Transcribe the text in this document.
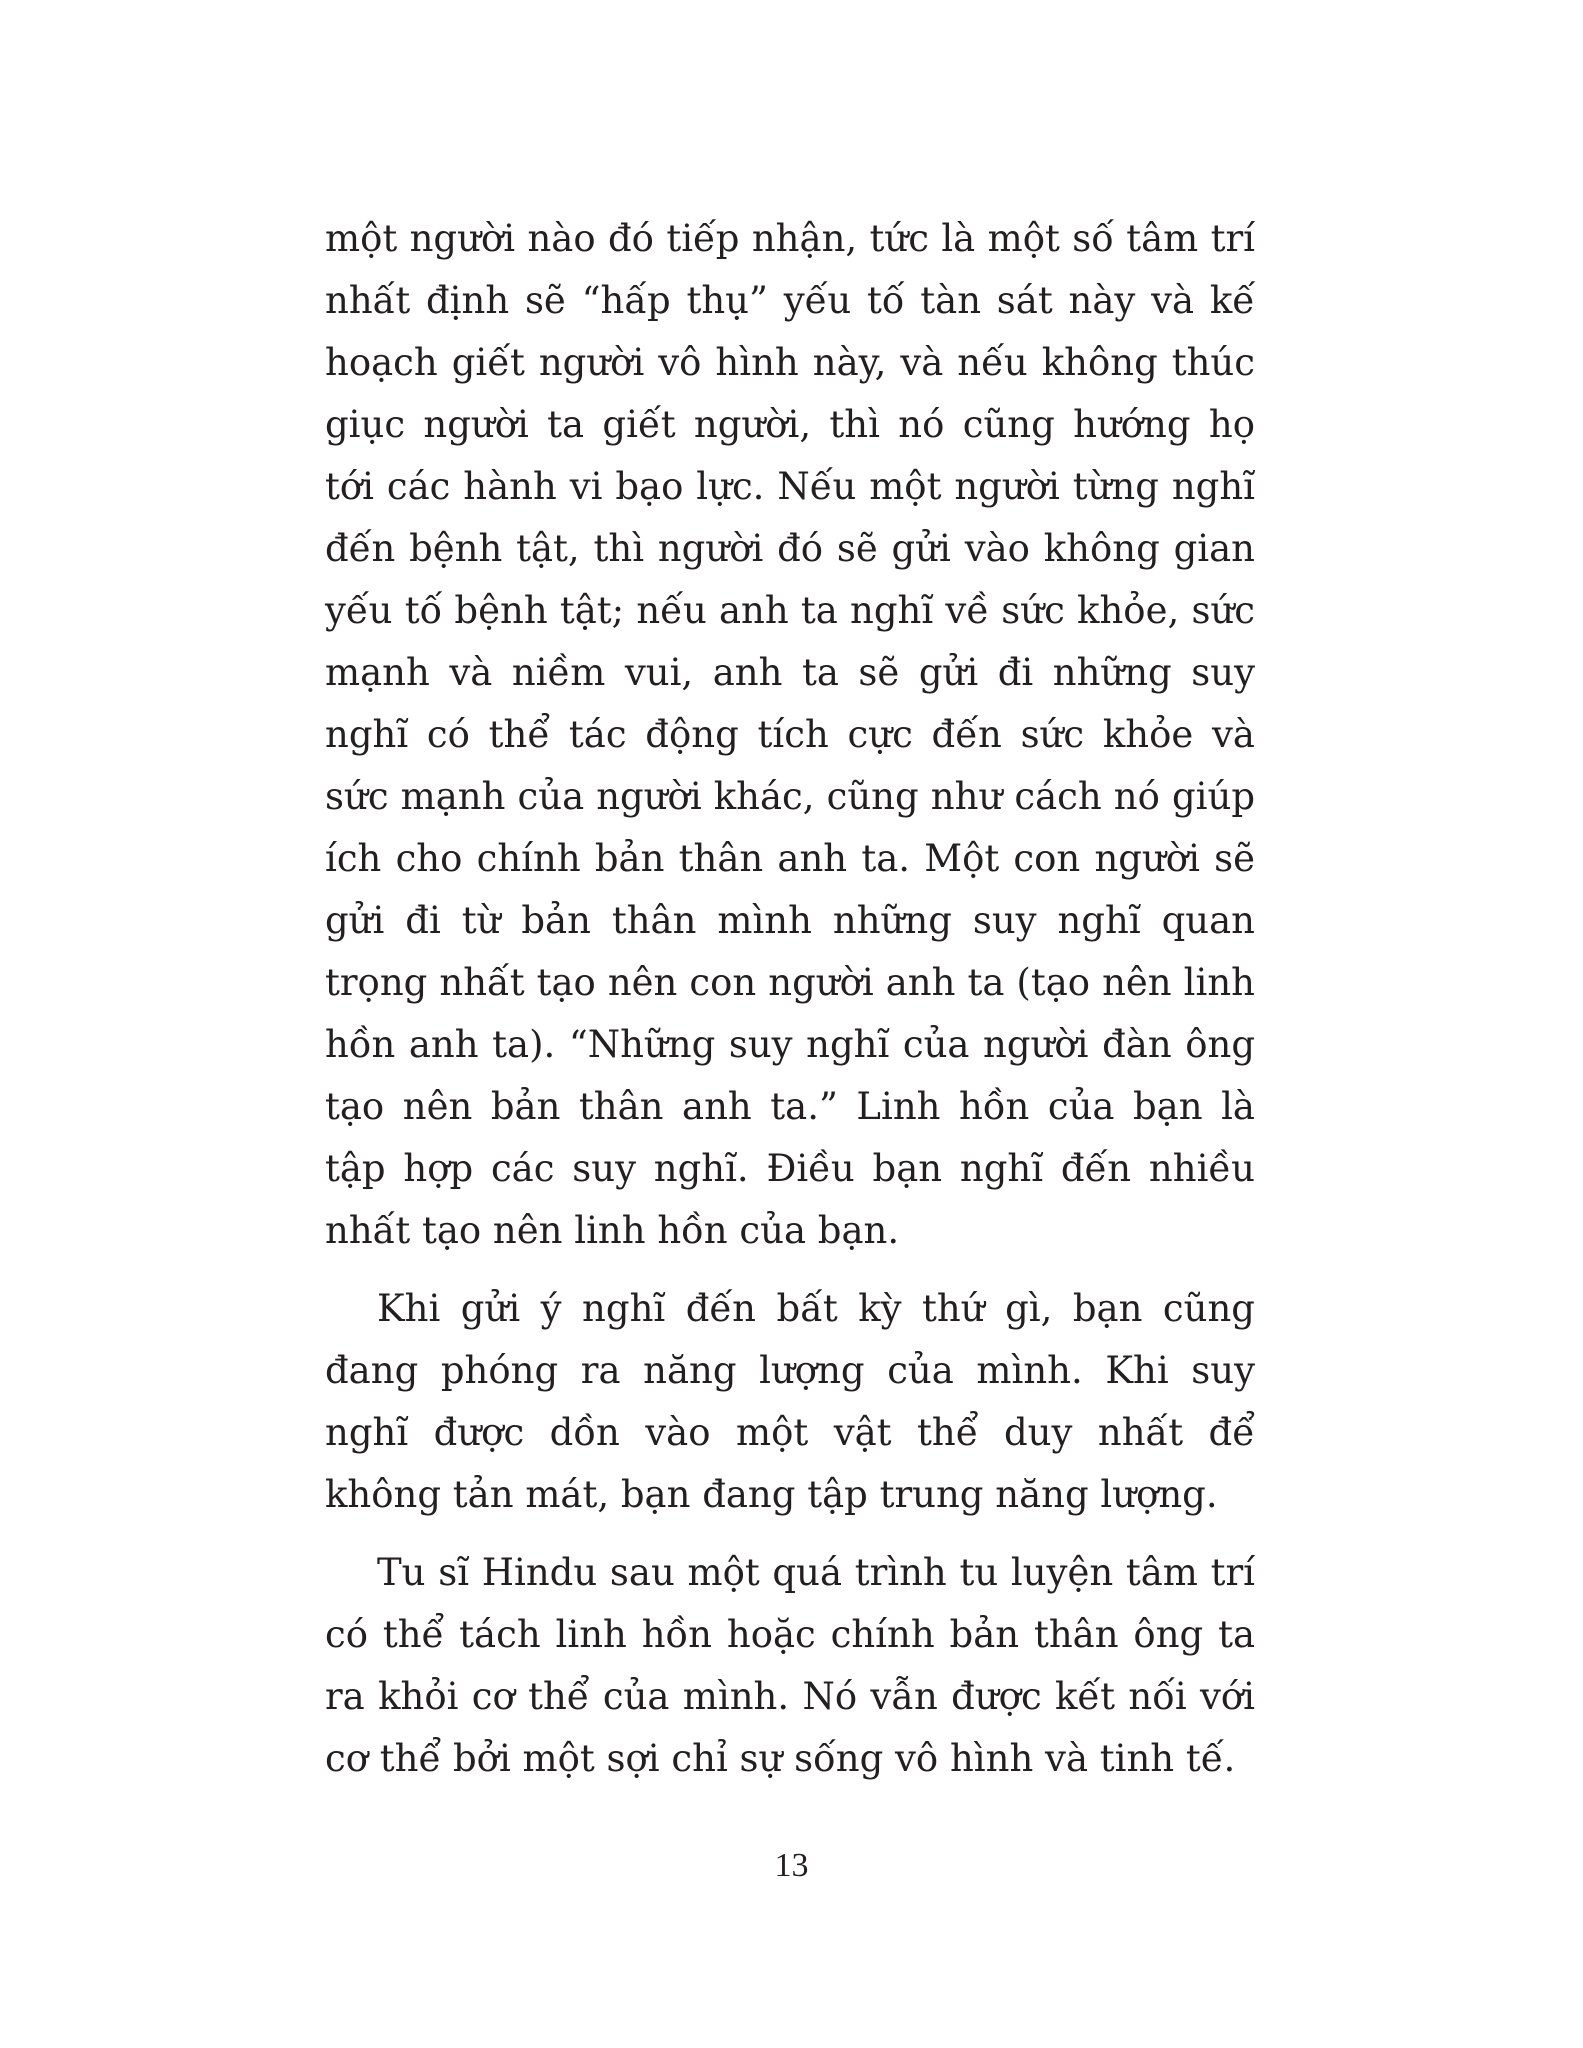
một người nào đó tiếp nhận, tức là một số tâm trí nhất định sẽ “hấp thụ” yếu tố tàn sát này và kế hoạch giết người vô hình này, và nếu không thúc giục người ta giết người, thì nó cũng hướng họ tới các hành vi bạo lực. Nếu một người từng nghĩ đến bệnh tật, thì người đó sẽ gửi vào không gian yếu tố bệnh tật; nếu anh ta nghĩ về sức khỏe, sức mạnh và niềm vui, anh ta sẽ gửi đi những suy nghĩ có thể tác động tích cực đến sức khỏe và sức mạnh của người khác, cũng như cách nó giúp ích cho chính bản thân anh ta. Một con người sẽ gửi đi từ bản thân mình những suy nghĩ quan trọng nhất tạo nên con người anh ta (tạo nên linh hồn anh ta). “Những suy nghĩ của người đàn ông tạo nên bản thân anh ta.” Linh hồn của bạn là tập hợp các suy nghĩ. Điều bạn nghĩ đến nhiều nhất tạo nên linh hồn của bạn.

Khi gửi ý nghĩ đến bất kỳ thứ gì, bạn cũng đang phóng ra năng lượng của mình. Khi suy nghĩ được dồn vào một vật thể duy nhất để không tản mát, bạn đang tập trung năng lượng.

Tu sĩ Hindu sau một quá trình tu luyện tâm trí có thể tách linh hồn hoặc chính bản thân ông ta ra khỏi cơ thể của mình. Nó vẫn được kết nối với cơ thể bởi một sợi chỉ sự sống vô hình và tinh tế.

13
